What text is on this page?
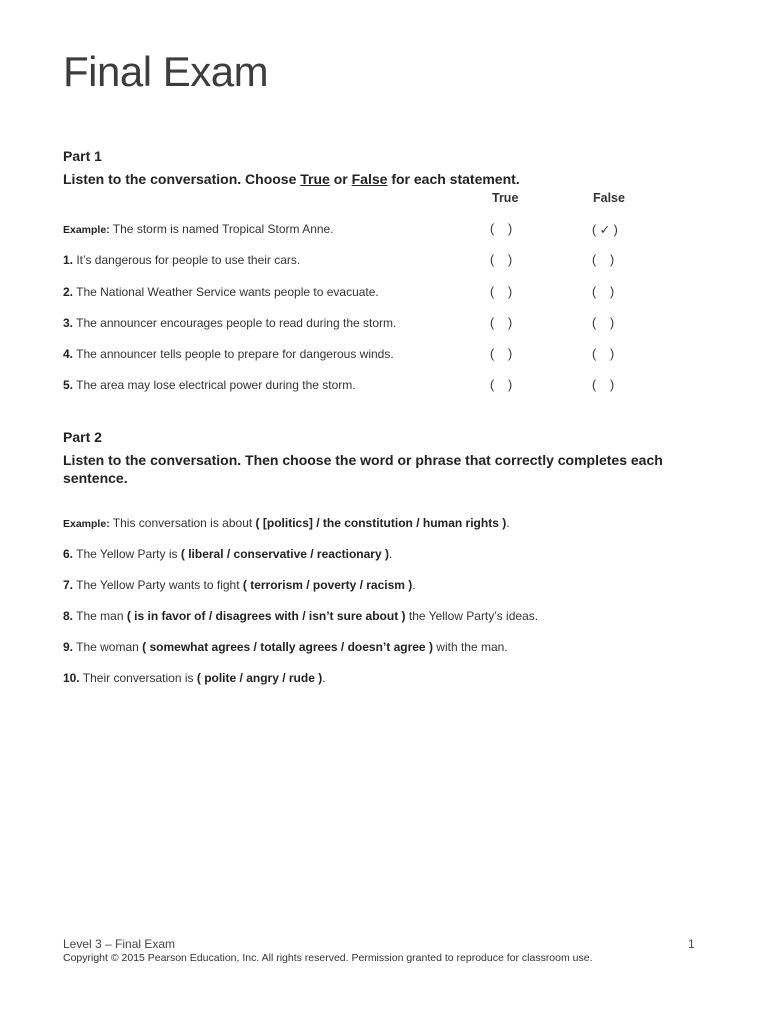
Final Exam
Part 1
Listen to the conversation. Choose True or False for each statement.
True	False
Example: The storm is named Tropical Storm Anne.	(    )	( ✓ )
1. It’s dangerous for people to use their cars.	(    )	(    )
2. The National Weather Service wants people to evacuate.	(    )	(    )
3. The announcer encourages people to read during the storm.	(    )	(    )
4. The announcer tells people to prepare for dangerous winds.	(    )	(    )
5. The area may lose electrical power during the storm.	(    )	(    )
Part 2
Listen to the conversation. Then choose the word or phrase that correctly completes each sentence.
Example: This conversation is about ( [politics] / the constitution / human rights ).
6. The Yellow Party is ( liberal / conservative / reactionary ).
7. The Yellow Party wants to fight ( terrorism / poverty / racism ).
8. The man ( is in favor of / disagrees with / isn’t sure about ) the Yellow Party’s ideas.
9. The woman ( somewhat agrees / totally agrees / doesn’t agree ) with the man.
10. Their conversation is ( polite / angry / rude ).
Level 3 – Final Exam	1
Copyright © 2015 Pearson Education, Inc. All rights reserved. Permission granted to reproduce for classroom use.
